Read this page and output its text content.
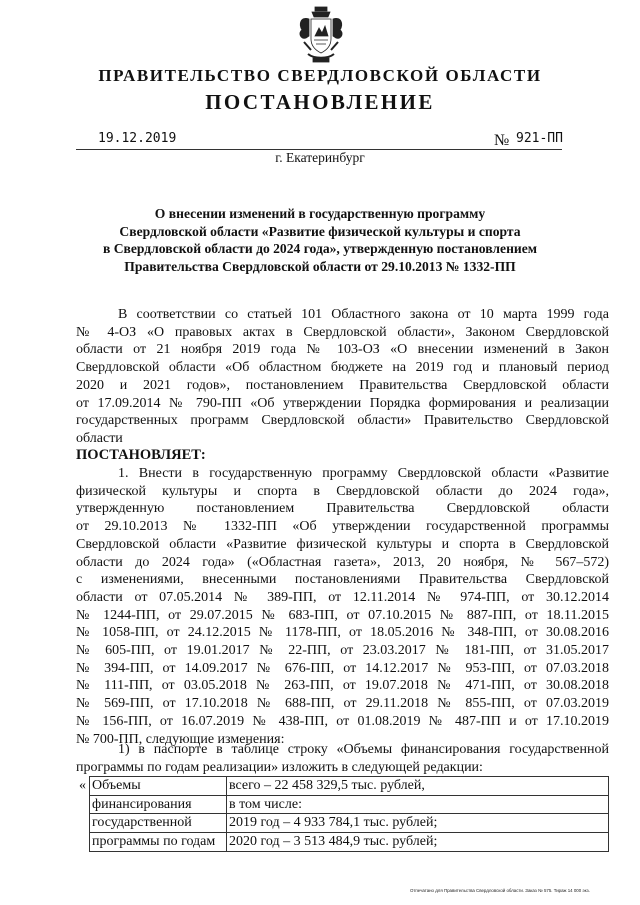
ПРАВИТЕЛЬСТВО СВЕРДЛОВСКОЙ ОБЛАСТИ
ПОСТАНОВЛЕНИЕ
19.12.2019	№ 921-ПП
г. Екатеринбург
О внесении изменений в государственную программу
Свердловской области «Развитие физической культуры и спорта
в Свердловской области до 2024 года», утвержденную постановлением
Правительства Свердловской области от 29.10.2013 № 1332-ПП
В соответствии со статьей 101 Областного закона от 10 марта 1999 года
№ 4-ОЗ «О правовых актах в Свердловской области», Законом Свердловской
области от 21 ноября 2019 года № 103-ОЗ «О внесении изменений в Закон
Свердловской области «Об областном бюджете на 2019 год и плановый период
2020 и 2021 годов», постановлением Правительства Свердловской области
от 17.09.2014 № 790-ПП «Об утверждении Порядка формирования и реализации
государственных программ Свердловской области» Правительство Свердловской
области
ПОСТАНОВЛЯЕТ:
1. Внести в государственную программу Свердловской области «Развитие
физической культуры и спорта в Свердловской области до 2024 года»,
утвержденную постановлением Правительства Свердловской области
от 29.10.2013 № 1332-ПП «Об утверждении государственной программы
Свердловской области «Развитие физической культуры и спорта в Свердловской
области до 2024 года» («Областная газета», 2013, 20 ноября, № 567–572)
с изменениями, внесенными постановлениями Правительства Свердловской
области от 07.05.2014 № 389-ПП, от 12.11.2014 № 974-ПП, от 30.12.2014
№ 1244-ПП, от 29.07.2015 № 683-ПП, от 07.10.2015 № 887-ПП, от 18.11.2015
№ 1058-ПП, от 24.12.2015 № 1178-ПП, от 18.05.2016 № 348-ПП, от 30.08.2016
№ 605-ПП, от 19.01.2017 № 22-ПП, от 23.03.2017 № 181-ПП, от 31.05.2017
№ 394-ПП, от 14.09.2017 № 676-ПП, от 14.12.2017 № 953-ПП, от 07.03.2018
№ 111-ПП, от 03.05.2018 № 263-ПП, от 19.07.2018 № 471-ПП, от 30.08.2018
№ 569-ПП, от 17.10.2018 № 688-ПП, от 29.11.2018 № 855-ПП, от 07.03.2019
№ 156-ПП, от 16.07.2019 № 438-ПП, от 01.08.2019 № 487-ПП и от 17.10.2019
№ 700-ПП, следующие изменения:
1) в паспорте в таблице строку «Объемы финансирования государственной
программы по годам реализации» изложить в следующей редакции:
«	Объемы	всего – 22 458 329,5 тыс. рублей,
	финансирования	в том числе:
	государственной	2019 год – 4 933 784,1 тыс. рублей;
	программы по годам	2020 год – 3 513 484,9 тыс. рублей;
Отпечатано для Правительства Свердловской области. Заказ № 575. Тираж 14 000 экз.
